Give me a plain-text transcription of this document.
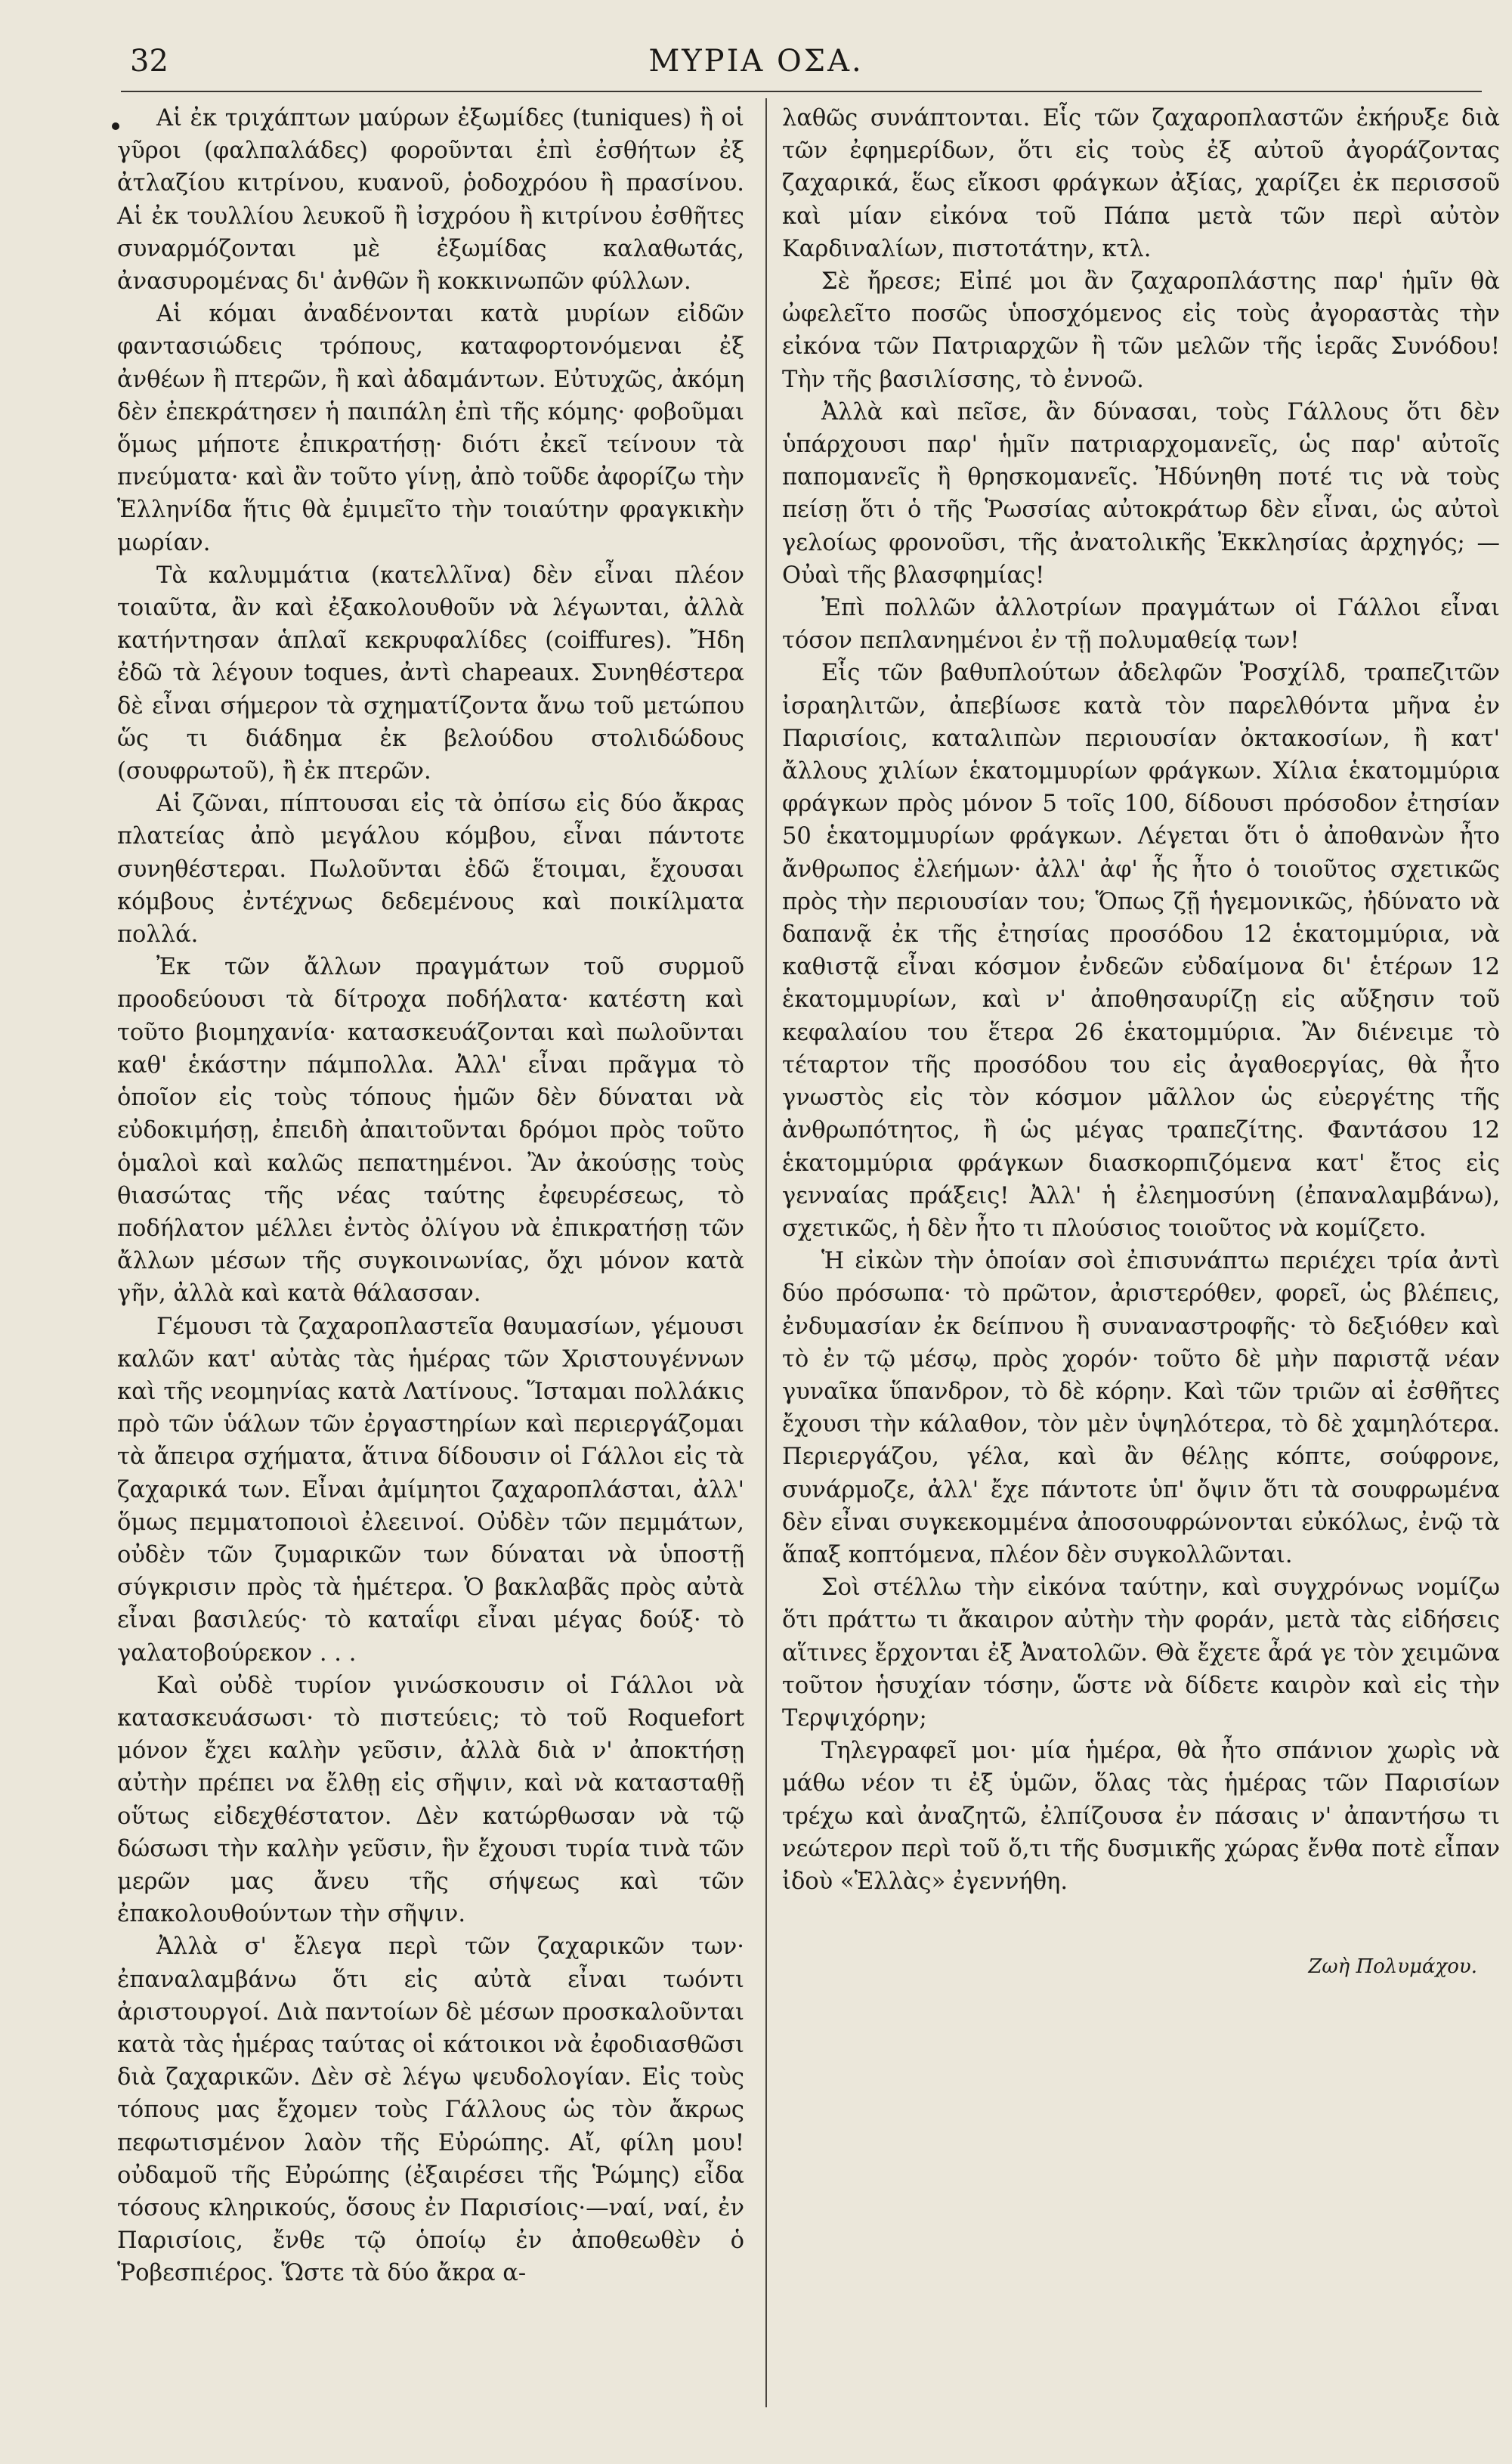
32	ΜΥΡΙΑ ΟΣΑ.

Αἱ ἐκ τριχάπτων μαύρων ἐξωμίδες (tuniques) ἢ οἱ γῦροι (φαλπαλάδες) φοροῦνται ἐπὶ ἐσθήτων ἐξ ἀτλαζίου κιτρίνου, κυανοῦ, ῥοδοχρόου ἢ πρασίνου. Αἱ ἐκ τουλλίου λευκοῦ ἢ ἰσχρόου ἢ κιτρίνου ἐσθῆτες συναρμόζονται μὲ ἐξωμίδας καλαθωτάς, ἀνασυρομένας δι' ἀνθῶν ἢ κοκκινωπῶν φύλλων.

Αἱ κόμαι ἀναδένονται κατὰ μυρίων εἰδῶν φαντασιώδεις τρόπους, καταφορτονόμεναι ἐξ ἀνθέων ἢ πτερῶν, ἢ καὶ ἀδαμάντων. Εὐτυχῶς, ἀκόμη δὲν ἐπεκράτησεν ἡ παιπάλη ἐπὶ τῆς κόμης· φοβοῦμαι ὅμως μήποτε ἐπικρατήσῃ· διότι ἐκεῖ τείνουν τὰ πνεύματα· καὶ ἂν τοῦτο γίνῃ, ἀπὸ τοῦδε ἀφορίζω τὴν Ἑλληνίδα ἥτις θὰ ἐμιμεῖτο τὴν τοιαύτην φραγκικὴν μωρίαν.

Τὰ καλυμμάτια (κατελλῖνα) δὲν εἶναι πλέον τοιαῦτα, ἂν καὶ ἐξακολουθοῦν νὰ λέγωνται, ἀλλὰ κατήντησαν ἁπλαῖ κεκρυφαλίδες (coiffures). Ἤδη ἐδῶ τὰ λέγουν toques, ἀντὶ chapeaux. Συνηθέστερα δὲ εἶναι σήμερον τὰ σχηματίζοντα ἄνω τοῦ μετώπου ὥς τι διάδημα ἐκ βελούδου στολιδώδους (σουφρωτοῦ), ἢ ἐκ πτερῶν.

Αἱ ζῶναι, πίπτουσαι εἰς τὰ ὀπίσω εἰς δύο ἄκρας πλατείας ἀπὸ μεγάλου κόμβου, εἶναι πάντοτε συνηθέστεραι. Πωλοῦνται ἐδῶ ἕτοιμαι, ἔχουσαι κόμβους ἐντέχνως δεδεμένους καὶ ποικίλματα πολλά.

Ἐκ τῶν ἄλλων πραγμάτων τοῦ συρμοῦ προοδεύουσι τὰ δίτροχα ποδήλατα· κατέστη καὶ τοῦτο βιομηχανία· κατασκευάζονται καὶ πωλοῦνται καθ' ἑκάστην πάμπολλα. Ἀλλ' εἶναι πρᾶγμα τὸ ὁποῖον εἰς τοὺς τόπους ἡμῶν δὲν δύναται νὰ εὐδοκιμήσῃ, ἐπειδὴ ἀπαιτοῦνται δρόμοι πρὸς τοῦτο ὁμαλοὶ καὶ καλῶς πεπατημένοι. Ἂν ἀκούσῃς τοὺς θιασώτας τῆς νέας ταύτης ἐφευρέσεως, τὸ ποδήλατον μέλλει ἐντὸς ὀλίγου νὰ ἐπικρατήσῃ τῶν ἄλλων μέσων τῆς συγκοινωνίας, ὄχι μόνον κατὰ γῆν, ἀλλὰ καὶ κατὰ θάλασσαν.

Γέμουσι τὰ ζαχαροπλαστεῖα θαυμασίων, γέμουσι καλῶν κατ' αὐτὰς τὰς ἡμέρας τῶν Χριστουγέννων καὶ τῆς νεομηνίας κατὰ Λατίνους. Ἵσταμαι πολλάκις πρὸ τῶν ὑάλων τῶν ἐργαστηρίων καὶ περιεργάζομαι τὰ ἄπειρα σχήματα, ἅτινα δίδουσιν οἱ Γάλλοι εἰς τὰ ζαχαρικά των. Εἶναι ἀμίμητοι ζαχαροπλάσται, ἀλλ' ὅμως πεμματοποιοὶ ἐλεεινοί. Οὐδὲν τῶν πεμμάτων, οὐδὲν τῶν ζυμαρικῶν των δύναται νὰ ὑποστῇ σύγκρισιν πρὸς τὰ ἡμέτερα. Ὁ βακλαβᾶς πρὸς αὐτὰ εἶναι βασιλεύς· τὸ καταΐφι εἶναι μέγας δούξ· τὸ γαλατοβούρεκον . . .

Καὶ οὐδὲ τυρίον γινώσκουσιν οἱ Γάλλοι νὰ κατασκευάσωσι· τὸ πιστεύεις; τὸ τοῦ Roquefort μόνον ἔχει καλὴν γεῦσιν, ἀλλὰ διὰ ν' ἀποκτήσῃ αὐτὴν πρέπει να ἔλθῃ εἰς σῆψιν, καὶ νὰ κατασταθῇ οὕτως εἰδεχθέστατον. Δὲν κατώρθωσαν νὰ τῷ δώσωσι τὴν καλὴν γεῦσιν, ἣν ἔχουσι τυρία τινὰ τῶν μερῶν μας ἄνευ τῆς σήψεως καὶ τῶν ἐπακολουθούντων τὴν σῆψιν.

Ἀλλὰ σ' ἔλεγα περὶ τῶν ζαχαρικῶν των· ἐπαναλαμβάνω ὅτι εἰς αὐτὰ εἶναι τωόντι ἀριστουργοί. Διὰ παντοίων δὲ μέσων προσκαλοῦνται κατὰ τὰς ἡμέρας ταύτας οἱ κάτοικοι νὰ ἐφοδιασθῶσι διὰ ζαχαρικῶν. Δὲν σὲ λέγω ψευδολογίαν. Εἰς τοὺς τόπους μας ἔχομεν τοὺς Γάλλους ὡς τὸν ἄκρως πεφωτισμένον λαὸν τῆς Εὐρώπης. Αἴ, φίλη μου! οὐδαμοῦ τῆς Εὐρώπης (ἐξαιρέσει τῆς Ῥώμης) εἶδα τόσους κληρικούς, ὅσους ἐν Παρισίοις·—ναί, ναί, ἐν Παρισίοις, ἔνθε τῷ ὁποίῳ ἐν ἀποθεωθὲν ὁ Ῥοβεσπιέρος. Ὥστε τὰ δύο ἄκρα α-

λαθῶς συνάπτονται. Εἷς τῶν ζαχαροπλαστῶν ἐκήρυξε διὰ τῶν ἐφημερίδων, ὅτι εἰς τοὺς ἐξ αὐτοῦ ἀγοράζοντας ζαχαρικά, ἕως εἴκοσι φράγκων ἀξίας, χαρίζει ἐκ περισσοῦ καὶ μίαν εἰκόνα τοῦ Πάπα μετὰ τῶν περὶ αὐτὸν Καρδιναλίων, πιστοτάτην, κτλ.

Σὲ ἤρεσε; Εἰπέ μοι ἂν ζαχαροπλάστης παρ' ἡμῖν θὰ ὠφελεῖτο ποσῶς ὑποσχόμενος εἰς τοὺς ἀγοραστὰς τὴν εἰκόνα τῶν Πατριαρχῶν ἢ τῶν μελῶν τῆς ἱερᾶς Συνόδου! Τὴν τῆς βασιλίσσης, τὸ ἐννοῶ.

Ἀλλὰ καὶ πεῖσε, ἂν δύνασαι, τοὺς Γάλλους ὅτι δὲν ὑπάρχουσι παρ' ἡμῖν πατριαρχομανεῖς, ὡς παρ' αὐτοῖς παπομανεῖς ἢ θρησκομανεῖς. Ἠδύνηθη ποτέ τις νὰ τοὺς πείσῃ ὅτι ὁ τῆς Ῥωσσίας αὐτοκράτωρ δὲν εἶναι, ὡς αὐτοὶ γελοίως φρονοῦσι, τῆς ἀνατολικῆς Ἐκκλησίας ἀρχηγός; — Οὐαὶ τῆς βλασφημίας!

Ἐπὶ πολλῶν ἀλλοτρίων πραγμάτων οἱ Γάλλοι εἶναι τόσον πεπλανημένοι ἐν τῇ πολυμαθείᾳ των!

Εἷς τῶν βαθυπλούτων ἀδελφῶν Ῥοσχίλδ, τραπεζιτῶν ἰσραηλιτῶν, ἀπεβίωσε κατὰ τὸν παρελθόντα μῆνα ἐν Παρισίοις, καταλιπὼν περιουσίαν ὀκτακοσίων, ἢ κατ' ἄλλους χιλίων ἑκατομμυρίων φράγκων. Χίλια ἑκατομμύρια φράγκων πρὸς μόνον 5 τοῖς 100, δίδουσι πρόσοδον ἐτησίαν 50 ἑκατομμυρίων φράγκων. Λέγεται ὅτι ὁ ἀποθανὼν ἦτο ἄνθρωπος ἐλεήμων· ἀλλ' ἀφ' ἧς ἦτο ὁ τοιοῦτος σχετικῶς πρὸς τὴν περιουσίαν του; Ὅπως ζῇ ἡγεμονικῶς, ἠδύνατο νὰ δαπανᾷ ἐκ τῆς ἐτησίας προσόδου 12 ἑκατομμύρια, νὰ καθιστᾷ εἶναι κόσμον ἐνδεῶν εὐδαίμονα δι' ἑτέρων 12 ἑκατομμυρίων, καὶ ν' ἀποθησαυρίζῃ εἰς αὔξησιν τοῦ κεφαλαίου του ἕτερα 26 ἑκατομμύρια. Ἂν διένειμε τὸ τέταρτον τῆς προσόδου του εἰς ἀγαθοεργίας, θὰ ἦτο γνωστὸς εἰς τὸν κόσμον μᾶλλον ὡς εὐεργέτης τῆς ἀνθρωπότητος, ἢ ὡς μέγας τραπεζίτης. Φαντάσου 12 ἑκατομμύρια φράγκων διασκορπιζόμενα κατ' ἔτος εἰς γενναίας πράξεις! Ἀλλ' ἡ ἐλεημοσύνη (ἐπαναλαμβάνω), σχετικῶς, ἡ δὲν ἦτο τι πλούσιος τοιοῦτος νὰ κομίζετο.

Ἡ εἰκὼν τὴν ὁποίαν σοὶ ἐπισυνάπτω περιέχει τρία ἀντὶ δύο πρόσωπα· τὸ πρῶτον, ἀριστερόθεν, φορεῖ, ὡς βλέπεις, ἐνδυμασίαν ἐκ δείπνου ἢ συναναστροφῆς· τὸ δεξιόθεν καὶ τὸ ἐν τῷ μέσῳ, πρὸς χορόν· τοῦτο δὲ μὴν παριστᾷ νέαν γυναῖκα ὕπανδρον, τὸ δὲ κόρην. Καὶ τῶν τριῶν αἱ ἐσθῆτες ἔχουσι τὴν κάλαθον, τὸν μὲν ὑψηλότερα, τὸ δὲ χαμηλότερα. Περιεργάζου, γέλα, καὶ ἂν θέλῃς κόπτε, σούφρονε, συνάρμοζε, ἀλλ' ἔχε πάντοτε ὑπ' ὄψιν ὅτι τὰ σουφρωμένα δὲν εἶναι συγκεκομμένα ἀποσουφρώνονται εὐκόλως, ἐνῷ τὰ ἅπαξ κοπτόμενα, πλέον δὲν συγκολλῶνται.

Σοὶ στέλλω τὴν εἰκόνα ταύτην, καὶ συγχρόνως νομίζω ὅτι πράττω τι ἄκαιρον αὐτὴν τὴν φοράν, μετὰ τὰς εἰδήσεις αἵτινες ἔρχονται ἐξ Ἀνατολῶν. Θὰ ἔχετε ἆρά γε τὸν χειμῶνα τοῦτον ἡσυχίαν τόσην, ὥστε νὰ δίδετε καιρὸν καὶ εἰς τὴν Τερψιχόρην;

Τηλεγραφεῖ μοι· μία ἡμέρα, θὰ ἦτο σπάνιον χωρὶς νὰ μάθω νέον τι ἐξ ὑμῶν, ὅλας τὰς ἡμέρας τῶν Παρισίων τρέχω καὶ ἀναζητῶ, ἐλπίζουσα ἐν πάσαις ν' ἀπαντήσω τι νεώτερον περὶ τοῦ ὅ,τι τῆς δυσμικῆς χώρας ἔνθα ποτὲ εἶπαν ἰδοὺ «Ἑλλὰς» ἐγεννήθη.

Ζωὴ Πολυμάχου.
